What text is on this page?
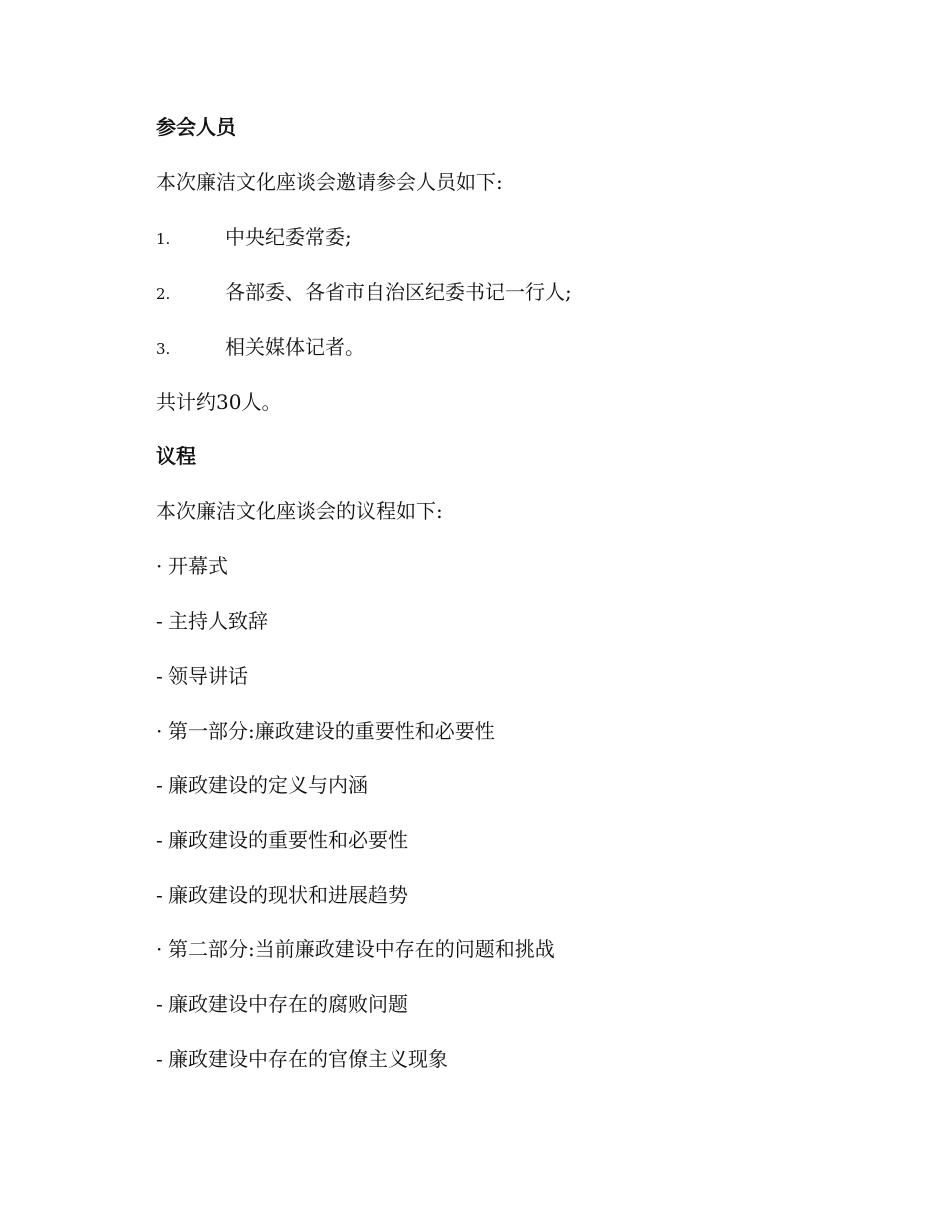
参会人员
本次廉洁文化座谈会邀请参会人员如下:
1.	中央纪委常委;
2.	各部委、各省市自治区纪委书记一行人;
3.	相关媒体记者。
共计约30人。
议程
本次廉洁文化座谈会的议程如下:
· 开幕式
- 主持人致辞
- 领导讲话
· 第一部分:廉政建设的重要性和必要性
- 廉政建设的定义与内涵
- 廉政建设的重要性和必要性
- 廉政建设的现状和进展趋势
· 第二部分:当前廉政建设中存在的问题和挑战
- 廉政建设中存在的腐败问题
- 廉政建设中存在的官僚主义现象
